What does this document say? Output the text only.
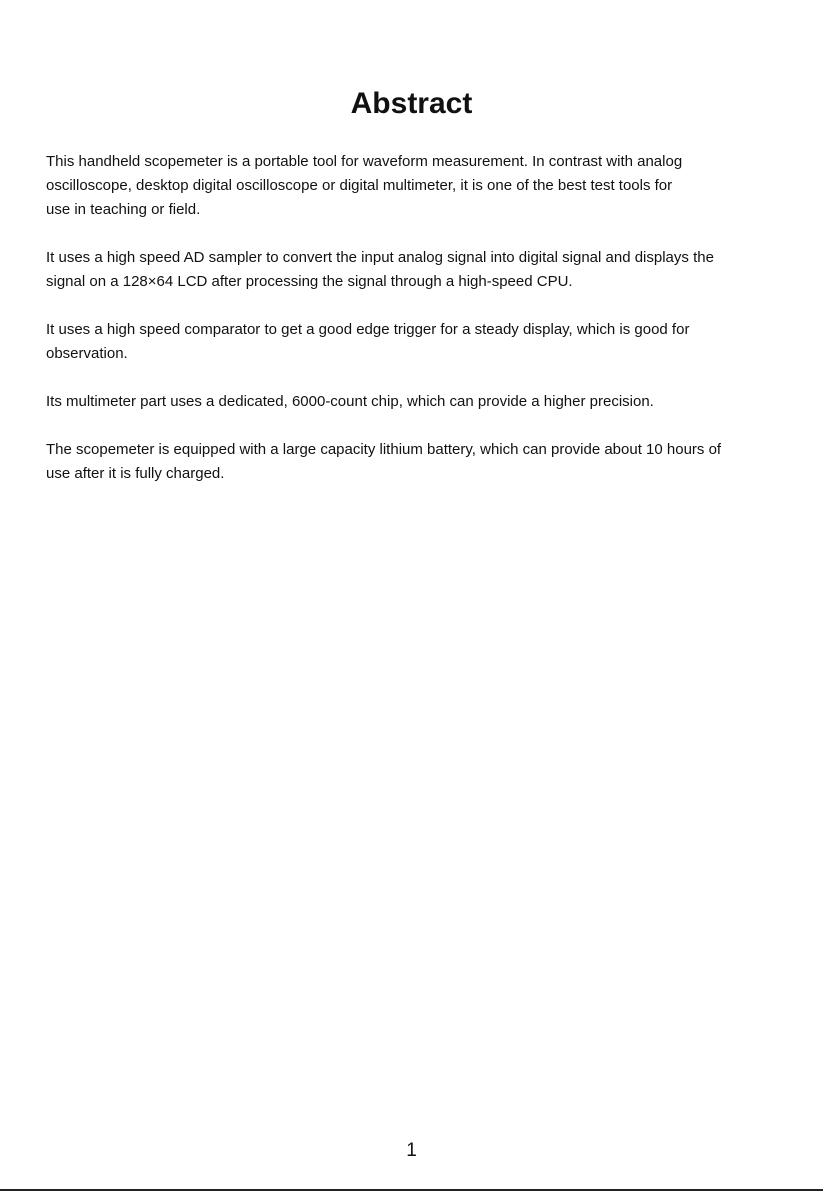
Abstract
This handheld scopemeter is a portable tool for waveform measurement. In contrast with analog
oscilloscope, desktop digital oscilloscope or digital multimeter, it is one of the best test tools for
use in teaching or field.
It uses a high speed AD sampler to convert the input analog signal into digital signal and displays the
signal on a 128×64 LCD after processing the signal through a high-speed CPU.
It uses a high speed comparator to get a good edge trigger for a steady display, which is good for
observation.
Its multimeter part uses a dedicated, 6000-count chip, which can provide a higher precision.
The scopemeter is equipped with a large capacity lithium battery, which can provide about 10 hours of
use after it is fully charged.
1
